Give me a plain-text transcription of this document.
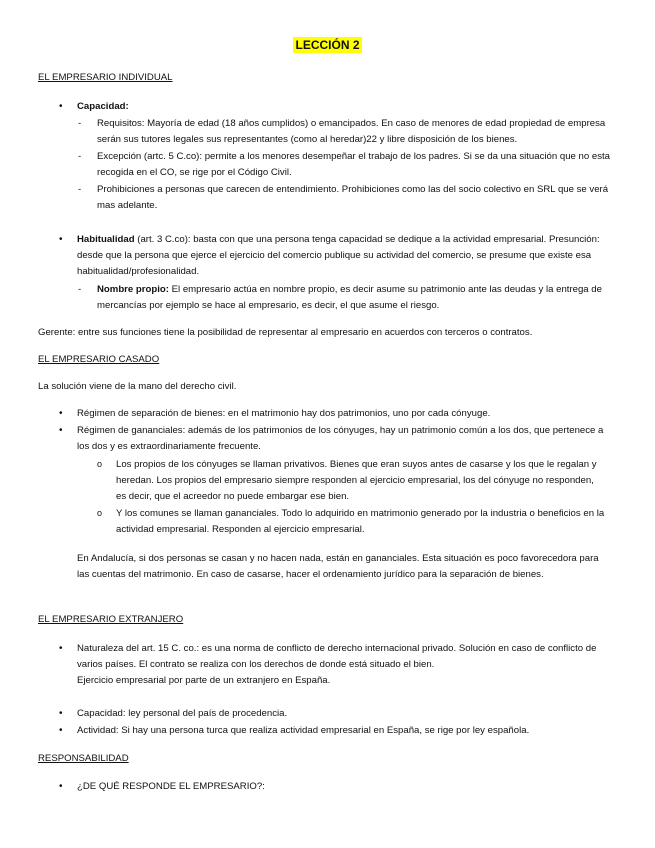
LECCIÓN 2
EL EMPRESARIO INDIVIDUAL
• Capacidad:
- Requisitos: Mayoría de edad (18 años cumplidos) o emancipados. En caso de menores de edad propiedad de empresa serán sus tutores legales sus representantes (como al heredar)22 y libre disposición de los bienes.
- Excepción (artc. 5 C.co): permite a los menores desempeñar el trabajo de los padres. Si se da una situación que no esta recogida en el CO, se rige por el Código Civil.
- Prohibiciones a personas que carecen de entendimiento. Prohibiciones como las del socio colectivo en SRL que se verá mas adelante.
• Habitualidad (art. 3 C.co): basta con que una persona tenga capacidad se dedique a la actividad empresarial. Presunción: desde que la persona que ejerce el ejercicio del comercio publique su actividad del comercio, se presume que existe esa habitualidad/profesionalidad.
- Nombre propio: El empresario actúa en nombre propio, es decir asume su patrimonio ante las deudas y la entrega de mercancías por ejemplo se hace al empresario, es decir, el que asume el riesgo.
Gerente: entre sus funciones tiene la posibilidad de representar al empresario en acuerdos con terceros o contratos.
EL EMPRESARIO CASADO
La solución viene de la mano del derecho civil.
• Régimen de separación de bienes: en el matrimonio hay dos patrimonios, uno por cada cónyuge.
• Régimen de gananciales: además de los patrimonios de los cónyuges, hay un patrimonio común a los dos, que pertenece a los dos y es extraordinariamente frecuente.
o Los propios de los cónyuges se llaman privativos. Bienes que eran suyos antes de casarse y los que le regalan y heredan. Los propios del empresario siempre responden al ejercicio empresarial, los del cónyuge no responden, es decir, que el acreedor no puede embargar ese bien.
o Y los comunes se llaman gananciales. Todo lo adquirido en matrimonio generado por la industria o beneficios en la actividad empresarial. Responden al ejercicio empresarial.
En Andalucía, si dos personas se casan y no hacen nada, están en gananciales. Esta situación es poco favorecedora para las cuentas del matrimonio. En caso de casarse, hacer el ordenamiento jurídico para la separación de bienes.
EL EMPRESARIO EXTRANJERO
• Naturaleza del art. 15 C. co.: es una norma de conflicto de derecho internacional privado. Solución en caso de conflicto de varios países. El contrato se realiza con los derechos de donde está situado el bien.
Ejercicio empresarial por parte de un extranjero en España.
• Capacidad: ley personal del país de procedencia.
• Actividad: Si hay una persona turca que realiza actividad empresarial en España, se rige por ley española.
RESPONSABILIDAD
• ¿DE QUÉ RESPONDE EL EMPRESARIO?:
